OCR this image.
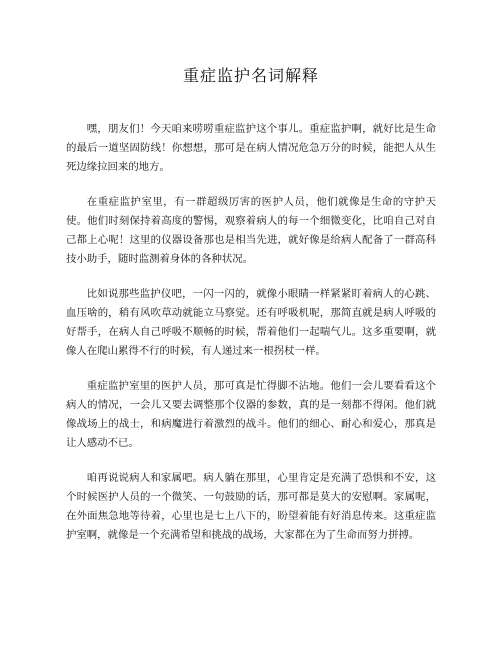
重症监护名词解释

嘿，朋友们！今天咱来唠唠重症监护这个事儿。重症监护啊，就好比是生命的最后一道坚固防线！你想想，那可是在病人情况危急万分的时候，能把人从生死边缘拉回来的地方。

在重症监护室里，有一群超级厉害的医护人员，他们就像是生命的守护天使。他们时刻保持着高度的警惕，观察着病人的每一个细微变化，比咱自己对自己都上心呢！这里的仪器设备那也是相当先进，就好像是给病人配备了一群高科技小助手，随时监测着身体的各种状况。

比如说那些监护仪吧，一闪一闪的，就像小眼睛一样紧紧盯着病人的心跳、血压啥的，稍有风吹草动就能立马察觉。还有呼吸机呢，那简直就是病人呼吸的好帮手，在病人自己呼吸不顺畅的时候，帮着他们一起喘气儿。这多重要啊，就像人在爬山累得不行的时候，有人递过来一根拐杖一样。

重症监护室里的医护人员，那可真是忙得脚不沾地。他们一会儿要看看这个病人的情况，一会儿又要去调整那个仪器的参数，真的是一刻都不得闲。他们就像战场上的战士，和病魔进行着激烈的战斗。他们的细心、耐心和爱心，那真是让人感动不已。

咱再说说病人和家属吧。病人躺在那里，心里肯定是充满了恐惧和不安，这个时候医护人员的一个微笑、一句鼓励的话，那可都是莫大的安慰啊。家属呢，在外面焦急地等待着，心里也是七上八下的，盼望着能有好消息传来。这重症监护室啊，就像是一个充满希望和挑战的战场，大家都在为了生命而努力拼搏。
